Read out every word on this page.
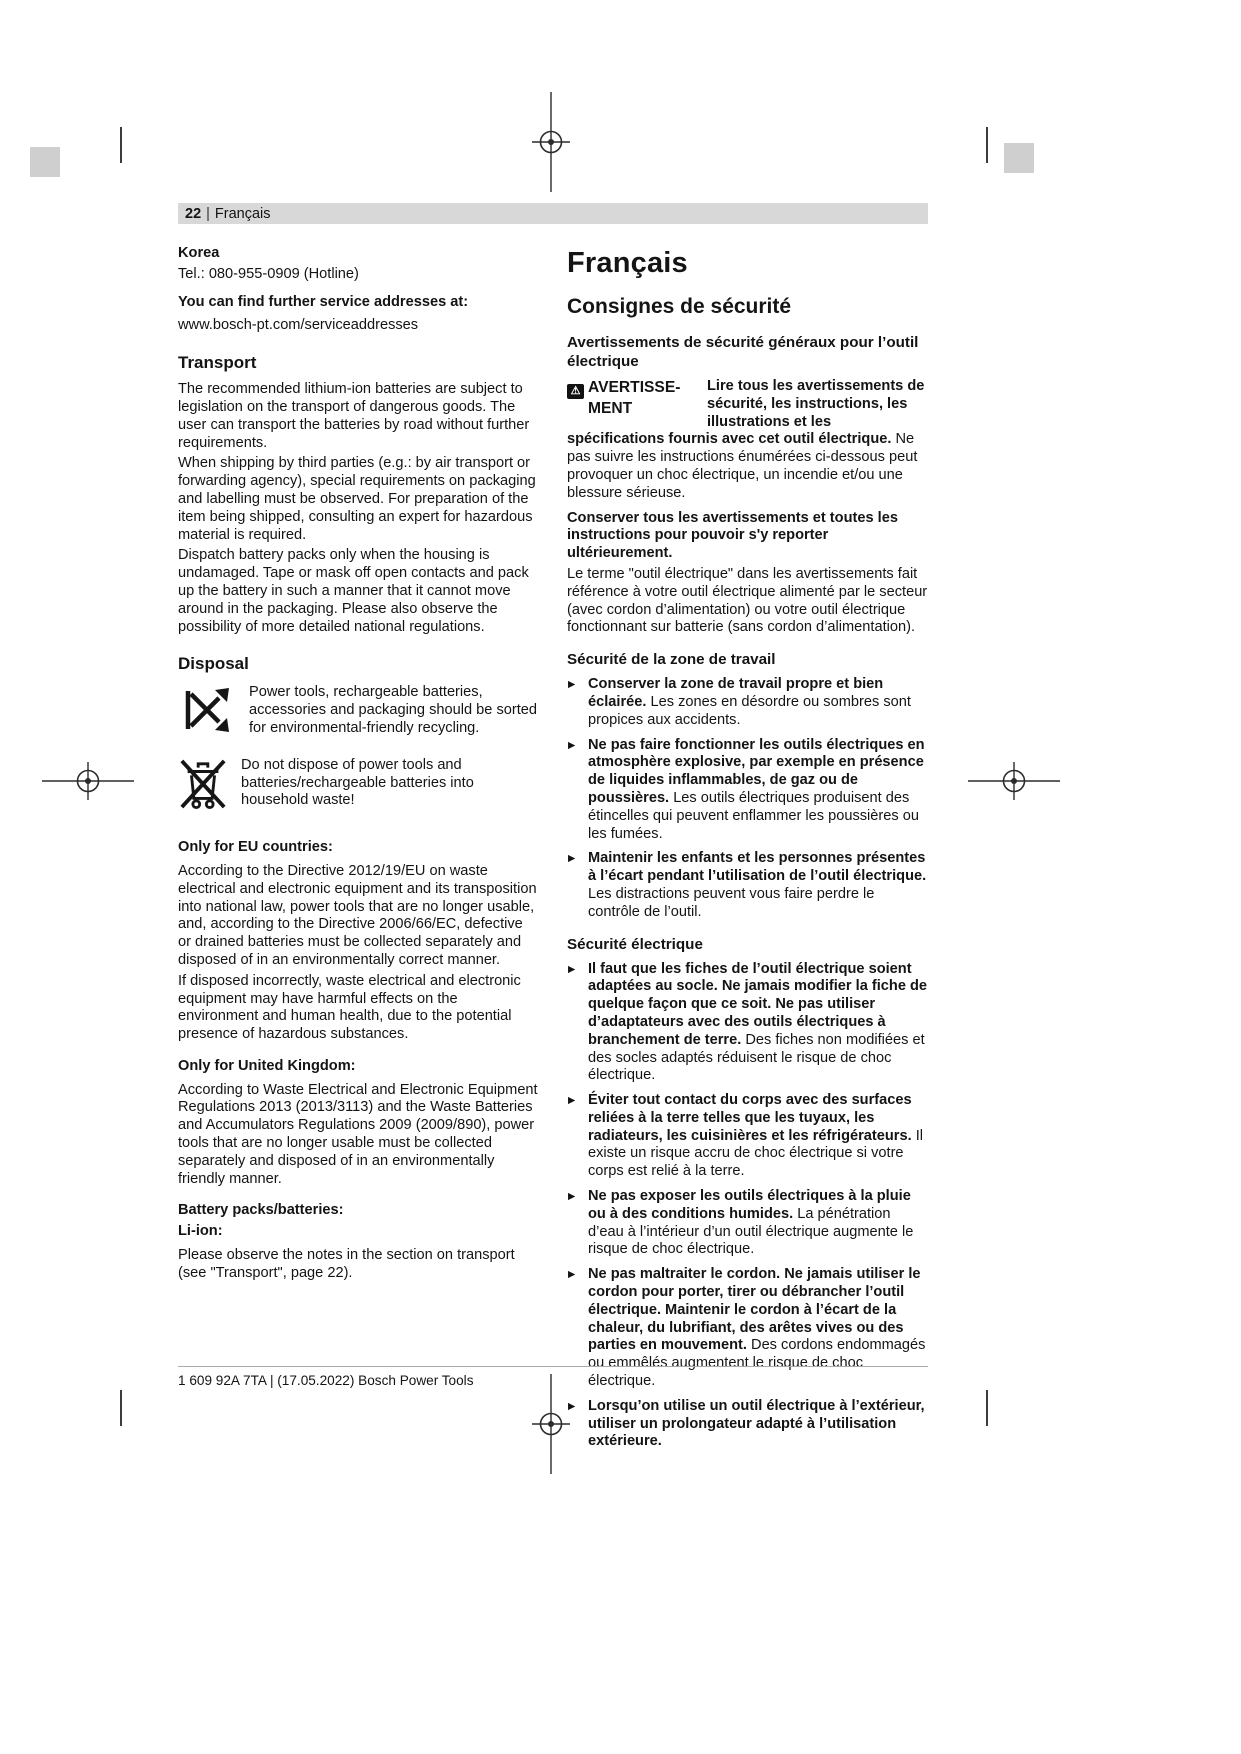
22 | Français

Korea

Tel.: 080-955-0909 (Hotline)

You can find further service addresses at:

www.bosch-pt.com/serviceaddresses

Transport

The recommended lithium-ion batteries are subject to legislation on the transport of dangerous goods. The user can transport the batteries by road without further requirements.

When shipping by third parties (e.g.: by air transport or forwarding agency), special requirements on packaging and labelling must be observed. For preparation of the item being shipped, consulting an expert for hazardous material is required.

Dispatch battery packs only when the housing is undamaged. Tape or mask off open contacts and pack up the battery in such a manner that it cannot move around in the packaging. Please also observe the possibility of more detailed national regulations.

Disposal

Power tools, rechargeable batteries, accessories and packaging should be sorted for environmental-friendly recycling.

Do not dispose of power tools and batteries/rechargeable batteries into household waste!

Only for EU countries:

According to the Directive 2012/19/EU on waste electrical and electronic equipment and its transposition into national law, power tools that are no longer usable, and, according to the Directive 2006/66/EC, defective or drained batteries must be collected separately and disposed of in an environmentally correct manner.

If disposed incorrectly, waste electrical and electronic equipment may have harmful effects on the environment and human health, due to the potential presence of hazardous substances.

Only for United Kingdom:

According to Waste Electrical and Electronic Equipment Regulations 2013 (2013/3113) and the Waste Batteries and Accumulators Regulations 2009 (2009/890), power tools that are no longer usable must be collected separately and disposed of in an environmentally friendly manner.

Battery packs/batteries:

Li-ion:

Please observe the notes in the section on transport (see "Transport", page 22).

Français
Consignes de sécurité
Avertissements de sécurité généraux pour l’outil électrique
⚠ AVERTISSE-
MENT
Lire tous les avertissements de sécurité, les instructions, les illustrations et les spécifications fournis avec cet outil électrique. Ne pas suivre les instructions énumérées ci-dessous peut provoquer un choc électrique, un incendie et/ou une blessure sérieuse.

Conserver tous les avertissements et toutes les instructions pour pouvoir s'y reporter ultérieurement.

Le terme "outil électrique" dans les avertissements fait référence à votre outil électrique alimenté par le secteur (avec cordon d’alimentation) ou votre outil électrique fonctionnant sur batterie (sans cordon d’alimentation).

Sécurité de la zone de travail
▶ Conserver la zone de travail propre et bien éclairée. Les zones en désordre ou sombres sont propices aux accidents.
▶ Ne pas faire fonctionner les outils électriques en atmosphère explosive, par exemple en présence de liquides inflammables, de gaz ou de poussières. Les outils électriques produisent des étincelles qui peuvent enflammer les poussières ou les fumées.
▶ Maintenir les enfants et les personnes présentes à l’écart pendant l’utilisation de l’outil électrique. Les distractions peuvent vous faire perdre le contrôle de l’outil.
Sécurité électrique
▶ Il faut que les fiches de l’outil électrique soient adaptées au socle. Ne jamais modifier la fiche de quelque façon que ce soit. Ne pas utiliser d’adaptateurs avec des outils électriques à branchement de terre. Des fiches non modifiées et des socles adaptés réduisent le risque de choc électrique.
▶ Éviter tout contact du corps avec des surfaces reliées à la terre telles que les tuyaux, les radiateurs, les cuisinières et les réfrigérateurs. Il existe un risque accru de choc électrique si votre corps est relié à la terre.
▶ Ne pas exposer les outils électriques à la pluie ou à des conditions humides. La pénétration d’eau à l’intérieur d’un outil électrique augmente le risque de choc électrique.
▶ Ne pas maltraiter le cordon. Ne jamais utiliser le cordon pour porter, tirer ou débrancher l’outil électrique. Maintenir le cordon à l’écart de la chaleur, du lubrifiant, des arêtes vives ou des parties en mouvement. Des cordons endommagés ou emmêlés augmentent le risque de choc électrique.
▶ Lorsqu’on utilise un outil électrique à l’extérieur, utiliser un prolongateur adapté à l’utilisation extérieure.
1 609 92A 7TA | (17.05.2022) Bosch Power Tools
